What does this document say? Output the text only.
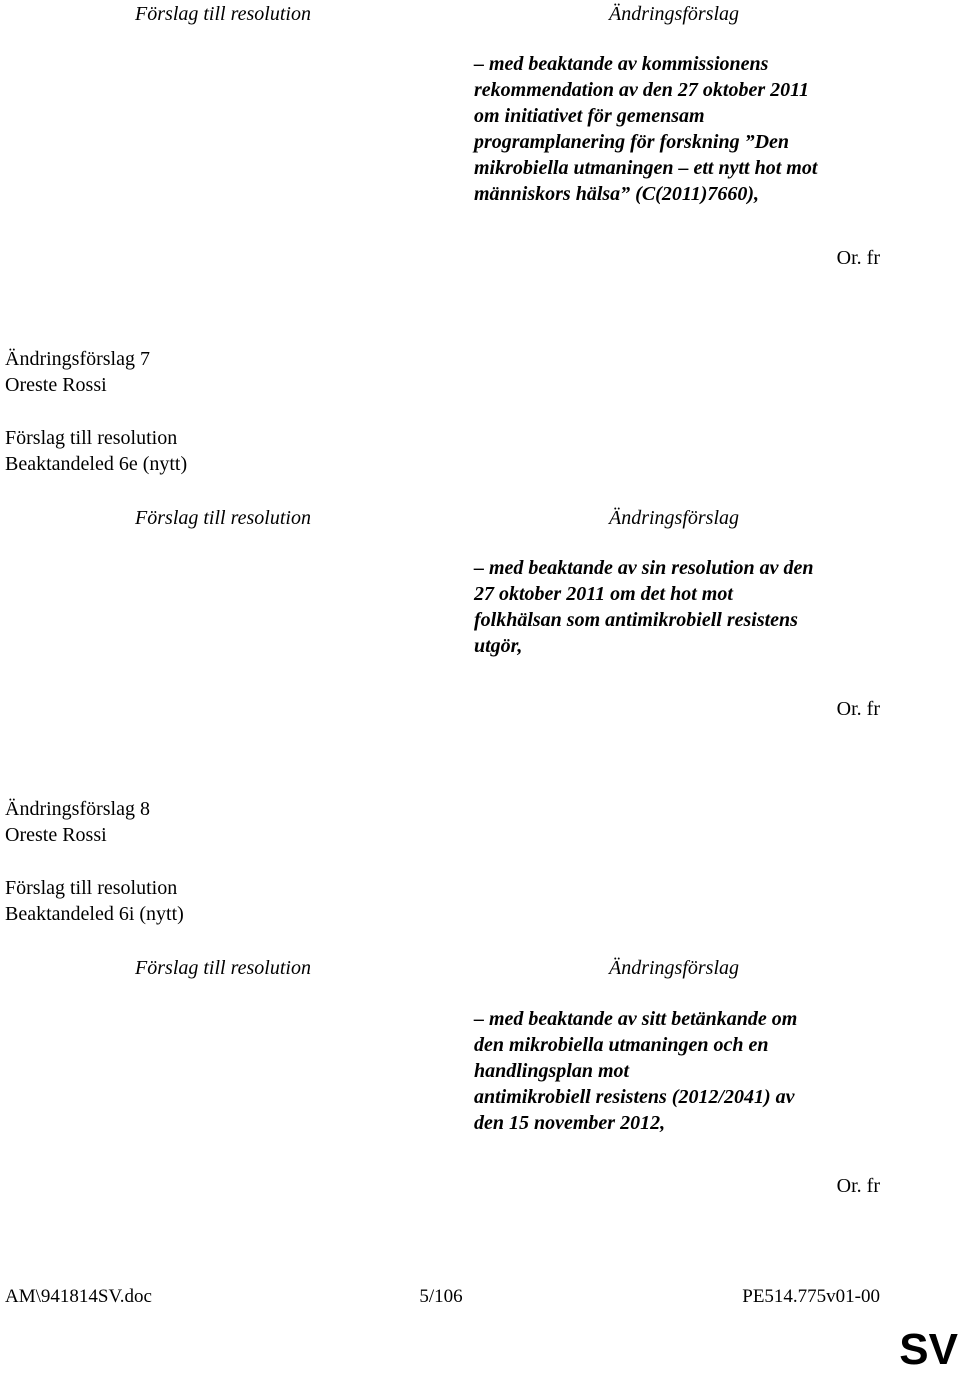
Förslag till resolution	Ändringsförslag
– med beaktande av kommissionens
rekommendation av den 27 oktober 2011
om initiativet för gemensam
programplanering för forskning ”Den
mikrobiella utmaningen – ett nytt hot mot
människors hälsa” (C(2011)7660),
Or. fr
Ändringsförslag 7
Oreste Rossi
Förslag till resolution
Beaktandeled 6e (nytt)
Förslag till resolution	Ändringsförslag
– med beaktande av sin resolution av den
27 oktober 2011 om det hot mot
folkhälsan som antimikrobiell resistens
utgör,
Or. fr
Ändringsförslag 8
Oreste Rossi
Förslag till resolution
Beaktandeled 6i (nytt)
Förslag till resolution	Ändringsförslag
– med beaktande av sitt betänkande om
den mikrobiella utmaningen och en
handlingsplan mot
antimikrobiell resistens (2012/2041) av
den 15 november 2012,
Or. fr
AM\941814SV.doc	5/106	PE514.775v01-00
SV
